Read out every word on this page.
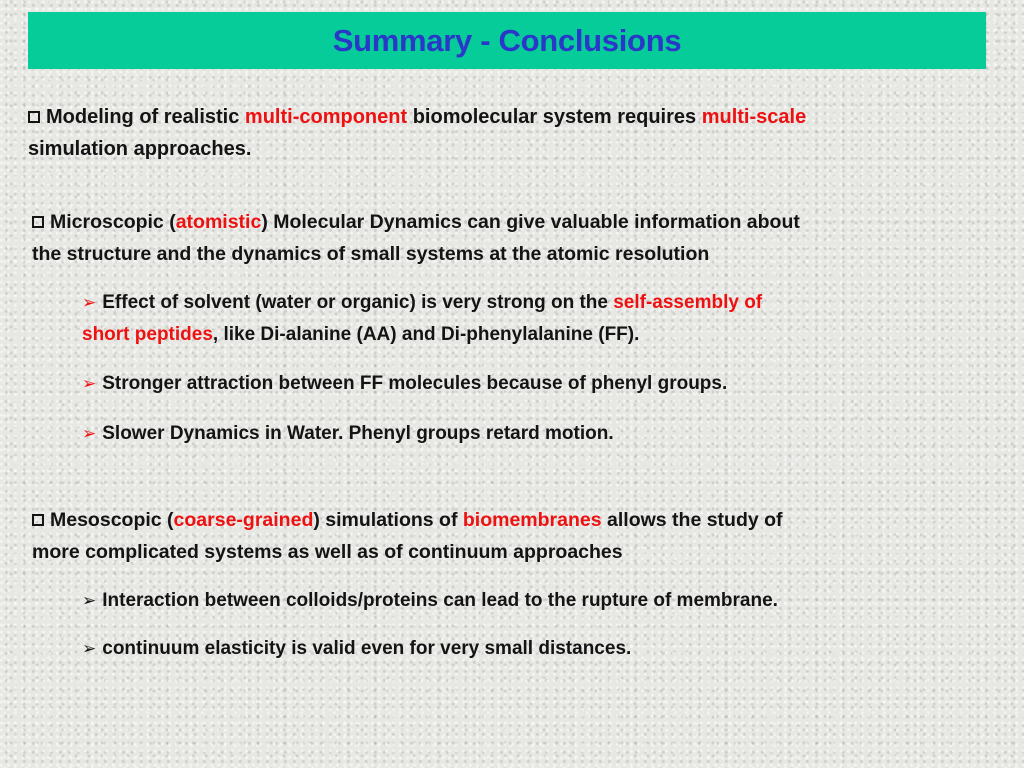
Summary - Conclusions
Modeling of realistic multi-component biomolecular system requires multi-scale
simulation approaches.
Microscopic (atomistic) Molecular Dynamics can give valuable information about
the structure and the dynamics of small systems at the atomic resolution
➢ Effect of solvent (water or organic) is very strong on the self-assembly of
short peptides, like Di-alanine (AA) and Di-phenylalanine (FF).
➢ Stronger attraction between FF molecules because of phenyl groups.
➢ Slower Dynamics in Water. Phenyl groups retard motion.
Mesoscopic (coarse-grained) simulations of biomembranes allows the study of
more complicated systems as well as of continuum approaches
➢ Interaction between colloids/proteins can lead to the rupture of membrane.
➢ continuum elasticity is valid even for very small distances.
